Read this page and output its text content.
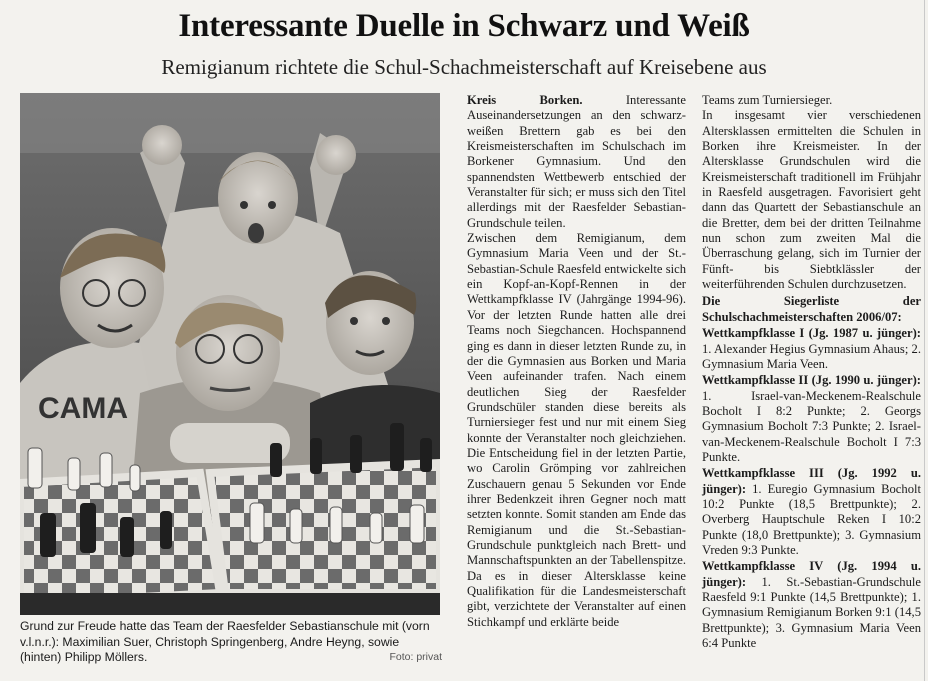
Interessante Duelle in Schwarz und Weiß
Remigianum richtete die Schul-Schachmeisterschaft auf Kreisebene aus
CAMA
Grund zur Freude hatte das Team der Raesfelder Sebastianschule mit (vorn v.l.n.r.): Maximilian Suer, Christoph Springenberg, Andre Heyng, sowie (hinten) Philipp Möllers.	Foto: privat
Kreis Borken.	Interessante Auseinandersetzungen an den schwarz-weißen Brettern gab es bei den Kreismeisterschaften im Schulschach im Borkener Gymnasium. Und den spannendsten Wettbewerb entschied der Veranstalter für sich; er muss sich den Titel allerdings mit der Raesfelder Sebastian-Grundschule teilen.
Zwischen dem Remigianum, dem Gymnasium Maria Veen und der St.-Sebastian-Schule Raesfeld entwickelte sich ein Kopf-an-Kopf-Rennen in der Wettkampfklasse IV (Jahrgänge 1994-96). Vor der letzten Runde hatten alle drei Teams noch Siegchancen. Hochspannend ging es dann in dieser letzten Runde zu, in der die Gymnasien aus Borken und Maria Veen aufeinander trafen. Nach einem deutlichen Sieg der Raesfelder Grundschüler standen diese bereits als Turniersieger fest und nur mit einem Sieg konnte der Veranstalter noch gleichziehen. Die Entscheidung fiel in der letzten Partie, wo Carolin Grömping vor zahlreichen Zuschauern genau 5 Sekunden vor Ende ihrer Bedenkzeit ihren Gegner noch matt setzten konnte. Somit standen am Ende das Remigianum und die St.-Sebastian-Grundschule punktgleich nach Brett- und Mannschaftspunkten an der Tabellenspitze. Da es in dieser Altersklasse keine Qualifikation für die Landesmeisterschaft gibt, verzichtete der Veranstalter auf einen Stichkampf und erklärte beide
Teams zum Turniersieger.
In insgesamt vier verschiedenen Altersklassen ermittelten die Schulen in Borken ihre Kreismeister. In der Altersklasse Grundschulen wird die Kreismeisterschaft traditionell im Frühjahr in Raesfeld ausgetragen. Favorisiert geht dann das Quartett der Sebastianschule an die Bretter, dem bei der dritten Teilnahme nun schon zum zweiten Mal die Überraschung gelang, sich im Turnier der Fünft- bis Siebtklässler der weiterführenden Schulen durchzusetzen.

Die Siegerliste der Schulschachmeisterschaften 2006/07:
Wettkampfklasse I (Jg. 1987 u. jünger): 1. Alexander Hegius Gymnasium Ahaus; 2. Gymnasium Maria Veen.
Wettkampfklasse II (Jg. 1990 u. jünger): 1. Israel-van-Meckenem-Realschule Bocholt I 8:2 Punkte; 2. Georgs Gymnasium Bocholt 7:3 Punkte; 2. Israel-van-Meckenem-Realschule Bocholt I 7:3 Punkte.
Wettkampfklasse III (Jg. 1992 u. jünger): 1. Euregio Gymnasium Bocholt 10:2 Punkte (18,5 Brettpunkte); 2. Overberg Hauptschule Reken I 10:2 Punkte (18,0 Brettpunkte); 3. Gymnasium Vreden 9:3 Punkte.
Wettkampfklasse IV (Jg. 1994 u. jünger): 1. St.-Sebastian-Grundschule Raesfeld 9:1 Punkte (14,5 Brettpunkte); 1. Gymnasium Remigianum Borken 9:1 (14,5 Brettpunkte); 3. Gymnasium Maria Veen 6:4 Punkte
